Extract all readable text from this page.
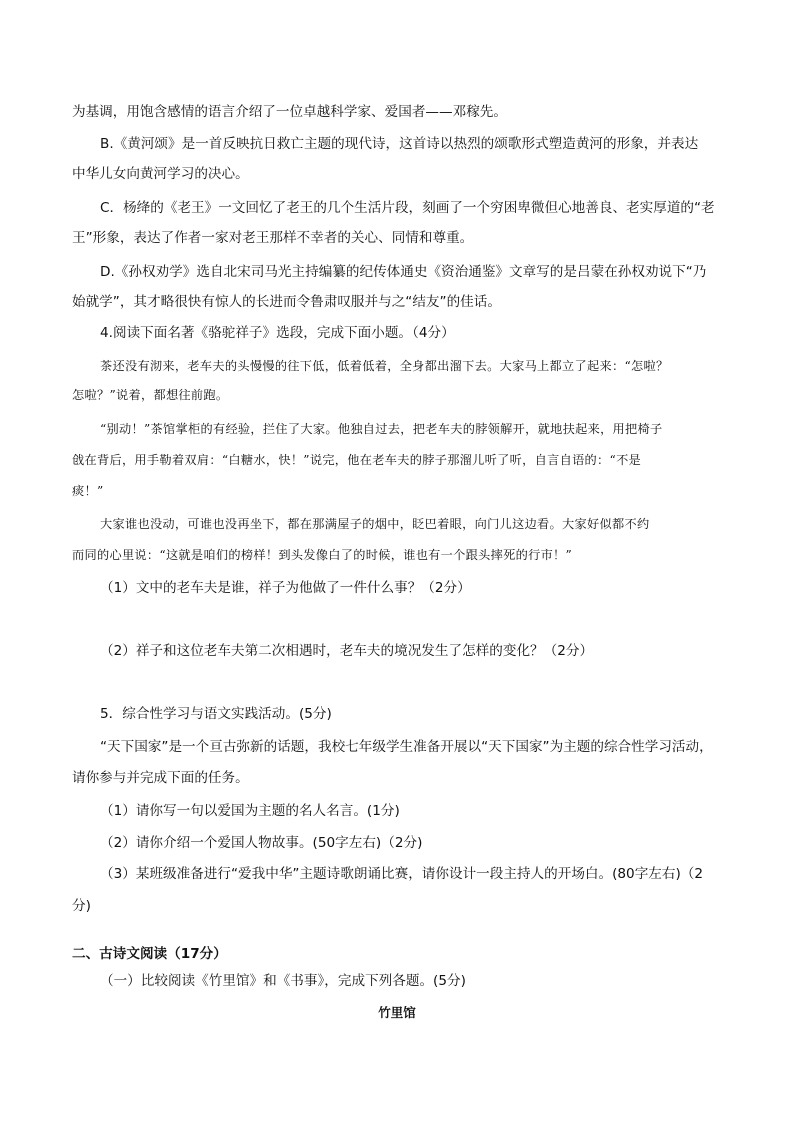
为基调，用饱含感情的语言介绍了一位卓越科学家、爱国者——邓稼先。
B.《黄河颂》是一首反映抗日救亡主题的现代诗，这首诗以热烈的颂歌形式塑造黄河的形象，并表达
中华儿女向黄河学习的决心。
C．杨绛的《老王》一文回忆了老王的几个生活片段，刻画了一个穷困卑微但心地善良、老实厚道的“老
王”形象，表达了作者一家对老王那样不幸者的关心、同情和尊重。
D.《孙权劝学》选自北宋司马光主持编纂的纪传体通史《资治通鉴》文章写的是吕蒙在孙权劝说下“乃
始就学”，其才略很快有惊人的长进而令鲁肃叹服并与之“结友”的佳话。
4.阅读下面名著《骆驼祥子》选段，完成下面小题。（4分）
茶还没有沏来，老车夫的头慢慢的往下低，低着低着，全身都出溜下去。大家马上都立了起来：“怎啦？
怎啦？”说着，都想往前跑。
“别动！”茶馆掌柜的有经验，拦住了大家。他独自过去，把老车夫的脖领解开，就地扶起来，用把椅子
戗在背后，用手勒着双肩：“白糖水，快！”说完，他在老车夫的脖子那溜儿听了听，自言自语的：“不是
痰！”
大家谁也没动，可谁也没再坐下，都在那满屋子的烟中，眨巴着眼，向门儿这边看。大家好似都不约
而同的心里说：“这就是咱们的榜样！到头发像白了的时候，谁也有一个跟头摔死的行市！”
（1）文中的老车夫是谁，祥子为他做了一件什么事？（2分）
（2）祥子和这位老车夫第二次相遇时，老车夫的境况发生了怎样的变化？（2分）
5．综合性学习与语文实践活动。(5分)
“天下国家”是一个亘古弥新的话题，我校七年级学生准备开展以“天下国家”为主题的综合性学习活动，
请你参与并完成下面的任务。
（1）请你写一句以爱国为主题的名人名言。(1分)
（2）请你介绍一个爱国人物故事。(50字左右)（2分)
（3）某班级准备进行“爱我中华”主题诗歌朗诵比赛，请你设计一段主持人的开场白。(80字左右)（2
分)
二、古诗文阅读（17分）
（一）比较阅读《竹里馆》和《书事》，完成下列各题。(5分)
竹里馆
